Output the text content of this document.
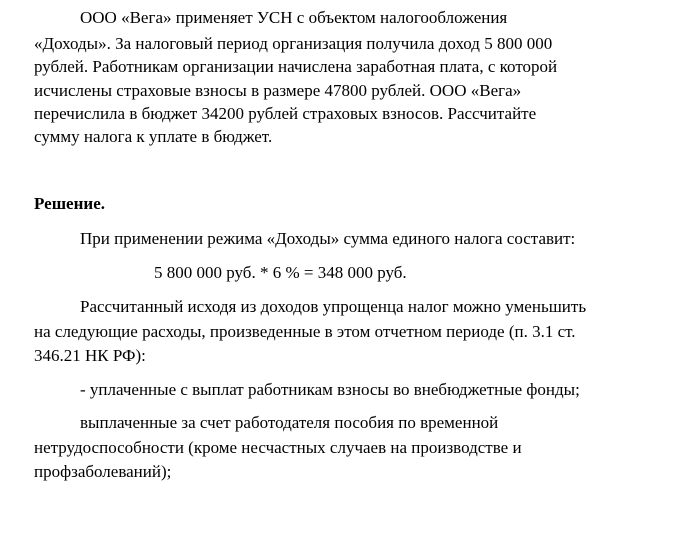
ООО «Вега» применяет УСН с объектом налогообложения
«Доходы». За налоговый период организация получила доход 5 800 000
рублей. Работникам организации начислена заработная плата, с которой
исчислены страховые взносы в размере 47800 рублей. ООО «Вега»
перечислила в бюджет 34200 рублей страховых взносов. Рассчитайте
сумму налога к уплате в бюджет.
Решение.
При применении режима «Доходы» сумма единого налога составит:
5 800 000 руб. * 6 % = 348 000 руб.
Рассчитанный исходя из доходов упрощенца налог можно уменьшить
на следующие расходы, произведенные в этом отчетном периоде (п. 3.1 ст.
346.21 НК РФ):
- уплаченные с выплат работникам взносы во внебюджетные фонды;
выплаченные за счет работодателя пособия по временной
нетрудоспособности (кроме несчастных случаев на производстве и
профзаболеваний);
